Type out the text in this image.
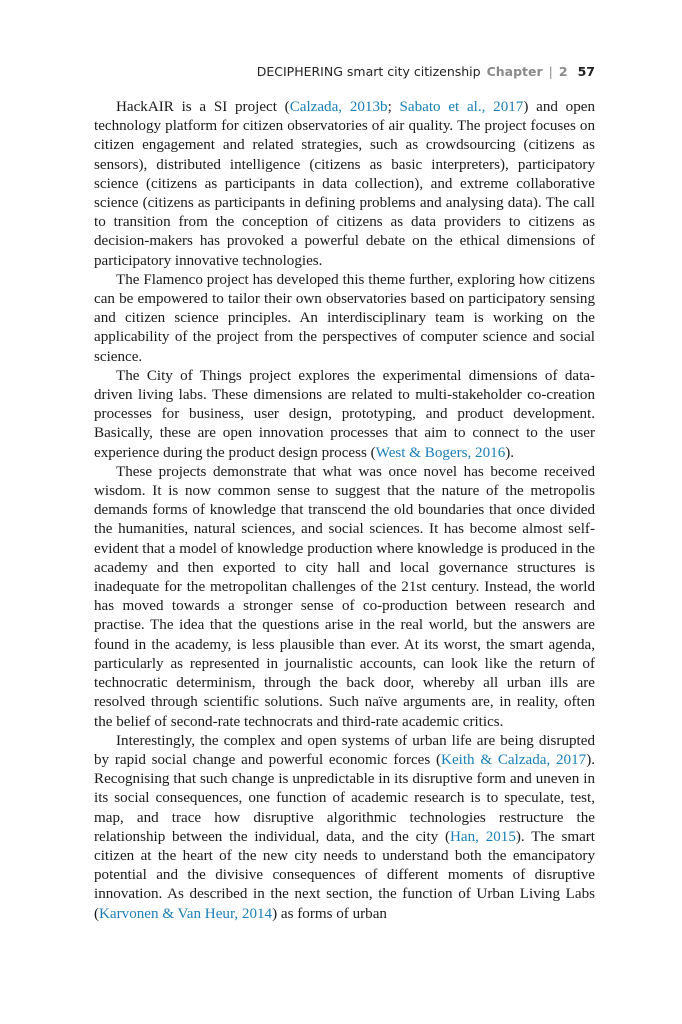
DECIPHERING smart city citizenship Chapter | 2 57

HackAIR is a SI project (Calzada, 2013b; Sabato et al., 2017) and open technology platform for citizen observatories of air quality. The project focuses on citizen engagement and related strategies, such as crowdsourcing (citizens as sensors), distributed intelligence (citizens as basic interpreters), participatory science (citizens as participants in data collection), and extreme collaborative science (citizens as participants in defining problems and analysing data). The call to transition from the conception of citizens as data providers to citizens as decision-makers has provoked a powerful debate on the ethical dimensions of participatory innovative technologies.

The Flamenco project has developed this theme further, exploring how citizens can be empowered to tailor their own observatories based on participatory sensing and citizen science principles. An interdisciplinary team is working on the applicability of the project from the perspectives of computer science and social science.

The City of Things project explores the experimental dimensions of data-driven living labs. These dimensions are related to multi-stakeholder co-creation processes for business, user design, prototyping, and product development. Basically, these are open innovation processes that aim to connect to the user experience during the product design process (West & Bogers, 2016).

These projects demonstrate that what was once novel has become received wisdom. It is now common sense to suggest that the nature of the metropolis demands forms of knowledge that transcend the old boundaries that once divided the humanities, natural sciences, and social sciences. It has become almost self-evident that a model of knowledge production where knowledge is produced in the academy and then exported to city hall and local governance structures is inadequate for the metropolitan challenges of the 21st century. Instead, the world has moved towards a stronger sense of co-production between research and practise. The idea that the questions arise in the real world, but the answers are found in the academy, is less plausible than ever. At its worst, the smart agenda, particularly as represented in journalistic accounts, can look like the return of technocratic determinism, through the back door, whereby all urban ills are resolved through scientific solutions. Such naïve arguments are, in reality, often the belief of second-rate technocrats and third-rate academic critics.

Interestingly, the complex and open systems of urban life are being disrupted by rapid social change and powerful economic forces (Keith & Calzada, 2017). Recognising that such change is unpredictable in its disruptive form and uneven in its social consequences, one function of academic research is to speculate, test, map, and trace how disruptive algorithmic technologies restructure the relationship between the individual, data, and the city (Han, 2015). The smart citizen at the heart of the new city needs to understand both the emancipatory potential and the divisive consequences of different moments of disruptive innovation. As described in the next section, the function of Urban Living Labs (Karvonen & Van Heur, 2014) as forms of urban
